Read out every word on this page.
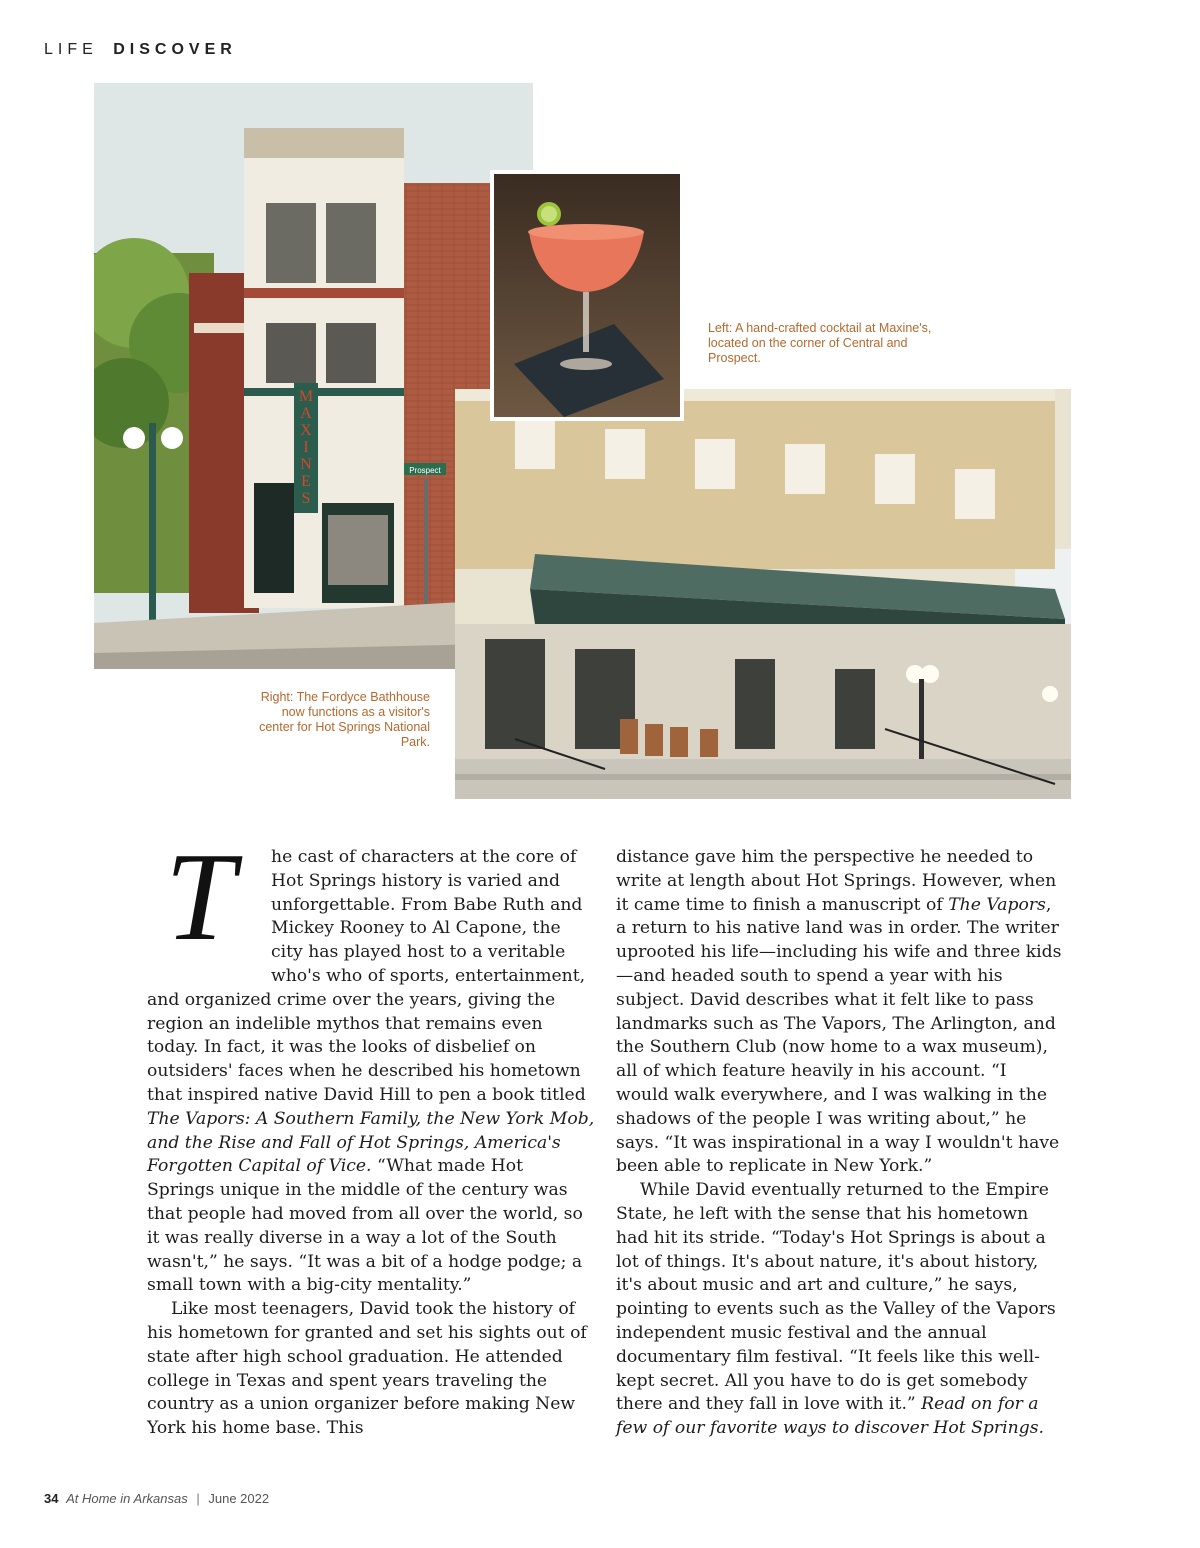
LIFE DISCOVER
M A X I N E S
Prospect
Left: A hand-crafted cocktail at Maxine's, located on the corner of Central and Prospect.
Right: The Fordyce Bathhouse now functions as a visitor's center for Hot Springs National Park.

T	he cast of characters at the core of Hot Springs history is varied and unforgettable. From Babe Ruth and Mickey Rooney to Al Capone, the city has played host to a veritable who's who of sports, entertainment, and organized crime over the years, giving the region an indelible mythos that remains even today. In fact, it was the looks of disbelief on outsiders' faces when he described his hometown that inspired native David Hill to pen a book titled The Vapors: A Southern Family, the New York Mob, and the Rise and Fall of Hot Springs, America's Forgotten Capital of Vice. “What made Hot Springs unique in the middle of the century was that people had moved from all over the world, so it was really diverse in a way a lot of the South wasn't,” he says. “It was a bit of a hodge podge; a small town with a big-city mentality.”

Like most teenagers, David took the history of his hometown for granted and set his sights out of state after high school graduation. He attended college in Texas and spent years traveling the country as a union organizer before making New York his home base. This

distance gave him the perspective he needed to write at length about Hot Springs. However, when it came time to finish a manuscript of The Vapors, a return to his native land was in order. The writer uprooted his life—including his wife and three kids—and headed south to spend a year with his subject. David describes what it felt like to pass landmarks such as The Vapors, The Arlington, and the Southern Club (now home to a wax museum), all of which feature heavily in his account. “I would walk everywhere, and I was walking in the shadows of the people I was writing about,” he says. “It was inspirational in a way I wouldn't have been able to replicate in New York.”

While David eventually returned to the Empire State, he left with the sense that his hometown had hit its stride. “Today's Hot Springs is about a lot of things. It's about nature, it's about history, it's about music and art and culture,” he says, pointing to events such as the Valley of the Vapors independent music festival and the annual documentary film festival. “It feels like this well-kept secret. All you have to do is get somebody there and they fall in love with it.” Read on for a few of our favorite ways to discover Hot Springs.

34 At Home in Arkansas | June 2022
